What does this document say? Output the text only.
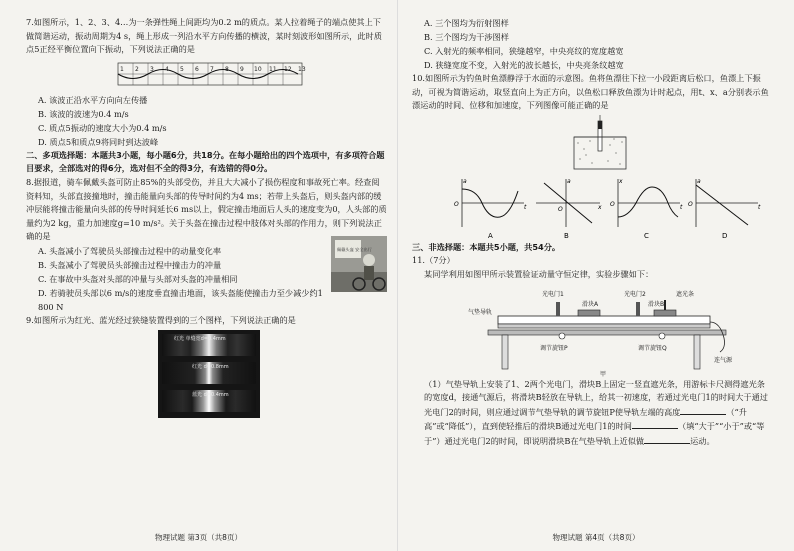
7.如图所示，1、2、3、4…为一条弹性绳上间距均为0.2 m的质点。某人拉着绳子的端点使其上下做简谐运动，振动周期为4 s，绳上形成一列沿水平方向传播的横波，某时刻波形如图所示，此时质点5正经平衡位置向下振动，下列说法正确的是

1 2 3 4 5 6 7 8 9 10 11 12 13

A. 该波正沿水平方向向左传播

B. 该波的波速为0.4 m/s

C. 质点5振动的速度大小为0.4 m/s

D. 质点5和质点9将同时到达波峰

二、多项选择题：本题共3小题，每小题6分，共18分。在每小题给出的四个选项中，有多项符合题目要求，全部选对的得6分，选对但不全的得3分，有选错的得0分。

8.据报道，骑车佩戴头盔可防止85%的头部受伤，并且大大减小了损伤程度和事故死亡率。经查阅资料知，头部直接撞地时，撞击能量向头部的传导时间约为4 ms；若带上头盔后，则头盔内部的缓冲层能将撞击能量向头部的传导时间延长6 ms以上，假定撞击地面后人头的速度变为0，人头部的质量约为2 kg，重力加速度g=10 m/s²。关于头盔在撞击过程中肢体对头部的作用力，则下列说法正确的是

A. 头盔减小了驾驶员头部撞击过程中的动量变化率

B. 头盔减小了驾驶员头部撞击过程中撞击力的冲量

C. 在事故中头盔对头部的冲量与头部对头盔的冲量相同

D. 若骑驶员头部以6 m/s的速度垂直撞击地面，该头盔能使撞击力至少减少约1 800 N

佩戴头盔 安全出行

9.如图所示为红光、蓝光经过狭缝装置得到的三个图样，下列说法正确的是

红光 单缝宽d=0.4mm
红光 d=0.8mm
蓝光 d=0.4mm
物理试题 第3页（共8页）

A. 三个图均为衍射图样

B. 三个图均为干涉图样

C. 入射光的频率相同，狭缝越窄，中央亮纹的宽度越宽

D. 狭缝宽度不变，入射光的波长越长，中央亮条纹越宽

10.如图所示为钓鱼时鱼漂静浮于水面的示意图。鱼将鱼漂往下拉一小段距离后松口，鱼漂上下振动，可视为简谐运动，取竖直向上为正方向，以鱼松口释放鱼漂为计时起点，用t、x、a分别表示鱼漂运动的时间、位移和加速度，下列图像可能正确的是

a
O	t
A
a
O	x
B
x
O	t
C
a
O	t
D

三、非选择题：本题共5小题，共54分。

11.（7分）

某同学利用如图甲所示装置验证动量守恒定律，实验步骤如下：

光电门1	光电门2
滑块A	滑块B
遮光条
气垫导轨
调节旋钮P	调节旋钮Q
连气源
甲

（1）气垫导轨上安装了1、2两个光电门，滑块B上固定一竖直遮光条，用游标卡尺测得遮光条的宽度d，接通气源后，将滑块B轻放在导轨上，给其一初速度，若通过光电门1的时间大于通过光电门2的时间，则应通过调节气垫导轨的调节旋钮P使导轨左端的高度	（“升高”或“降低”），直到使轻推后的滑块B通过光电门1的时间	（填“大于”“小于”或“等于”）通过光电门2的时间，即说明滑块B在气垫导轨上近似做	运动。

物理试题 第4页（共8页）
